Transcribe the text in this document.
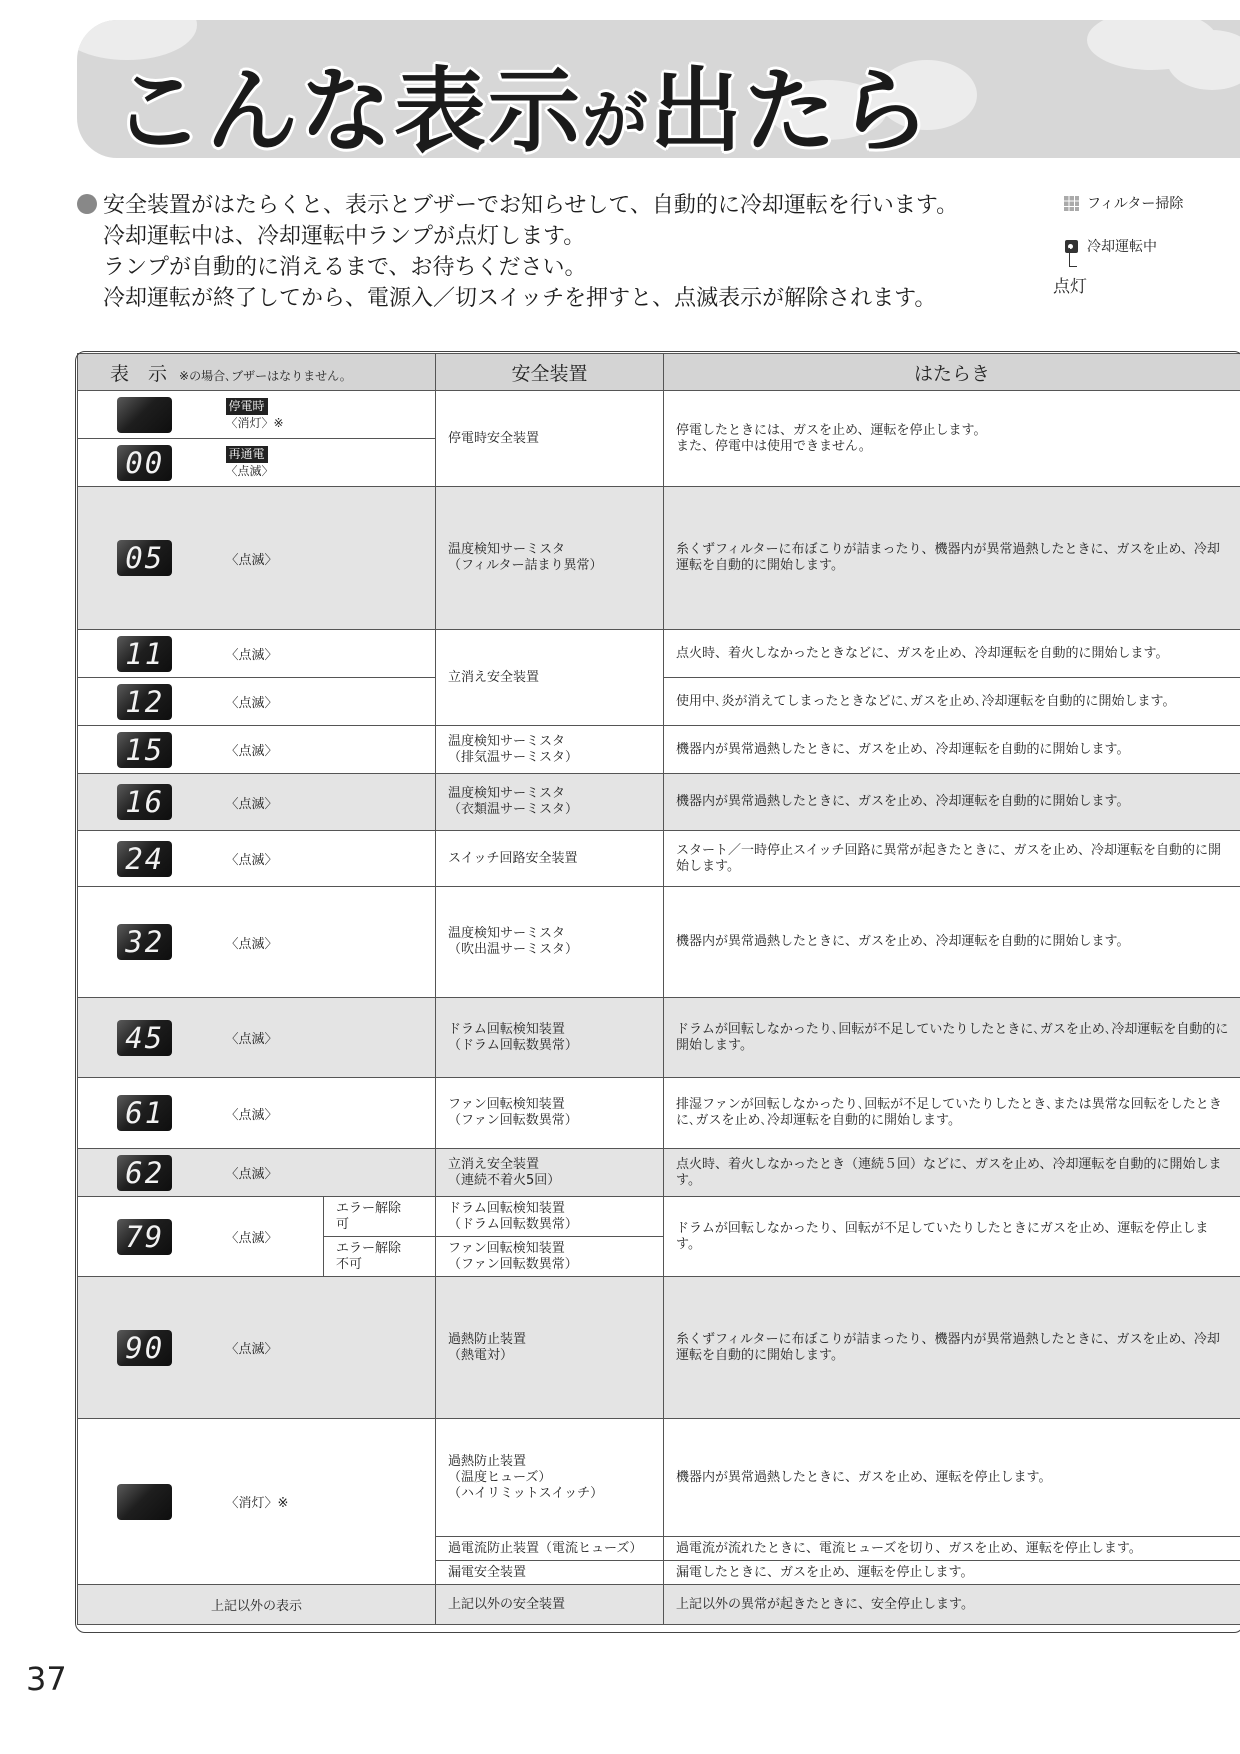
こんな表示が出たら
安全装置がはたらくと、表示とブザーでお知らせして、自動的に冷却運転を行います。
冷却運転中は、冷却運転中ランプが点灯します。
ランプが自動的に消えるまで、お待ちください。
冷却運転が終了してから、電源入／切スイッチを押すと、点滅表示が解除されます。
フィルター掃除
冷却運転中
点灯
表　示 ※の場合､ブザーはなりません。			安全装置	はたらき
	停電時
〈消灯〉※		停電時安全装置	停電したときには、ガスを止め、運転を停止します。
また、停電中は使用できません。
00	再通電
〈点滅〉			

05	〈点滅〉		温度検知サーミスタ
（フィルター詰まり異常）	糸くずフィルターに布ぼこりが詰まったり、機器内が異常過熱したときに、ガスを止め、冷却運転を自動的に開始します。
11	〈点滅〉		立消え安全装置	点火時、着火しなかったときなどに、ガスを止め、冷却運転を自動的に開始します。
12	〈点滅〉			使用中､炎が消えてしまったときなどに､ガスを止め､冷却運転を自動的に開始します。
15	〈点滅〉		温度検知サーミスタ
（排気温サーミスタ）	機器内が異常過熱したときに、ガスを止め、冷却運転を自動的に開始します。
16	〈点滅〉		温度検知サーミスタ
（衣類温サーミスタ）	機器内が異常過熱したときに、ガスを止め、冷却運転を自動的に開始します。
24	〈点滅〉		スイッチ回路安全装置	スタート／一時停止スイッチ回路に異常が起きたときに、ガスを止め、冷却運転を自動的に開始します。
32	〈点滅〉		温度検知サーミスタ
（吹出温サーミスタ）	機器内が異常過熱したときに、ガスを止め、冷却運転を自動的に開始します。
45	〈点滅〉		ドラム回転検知装置
（ドラム回転数異常）	ドラムが回転しなかったり､回転が不足していたりしたときに､ガスを止め､冷却運転を自動的に開始します。
61	〈点滅〉		ファン回転検知装置
（ファン回転数異常）	排湿ファンが回転しなかったり､回転が不足していたりしたとき､または異常な回転をしたときに､ガスを止め､冷却運転を自動的に開始します。
62	〈点滅〉		立消え安全装置
（連続不着火5回）	点火時、着火しなかったとき（連続５回）などに、ガスを止め、冷却運転を自動的に開始します。
79	〈点滅〉	エラー解除
可	ドラム回転検知装置
（ドラム回転数異常）	ドラムが回転しなかったり、回転が不足していたりしたときにガスを止め、運転を停止します。
		エラー解除
不可	ファン回転検知装置
（ファン回転数異常）	
90	〈点滅〉		過熱防止装置
（熱電対）	糸くずフィルターに布ぼこりが詰まったり、機器内が異常過熱したときに、ガスを止め、冷却運転を自動的に開始します。
	〈消灯〉※		過熱防止装置
（温度ヒューズ）
（ハイリミットスイッチ）	機器内が異常過熱したときに、ガスを止め、運転を停止します。
			過電流防止装置（電流ヒューズ）	過電流が流れたときに、電流ヒューズを切り、ガスを止め、運転を停止します。
			漏電安全装置	漏電したときに、ガスを止め、運転を停止します。
上記以外の表示			上記以外の安全装置	上記以外の異常が起きたときに、安全停止します。
37
